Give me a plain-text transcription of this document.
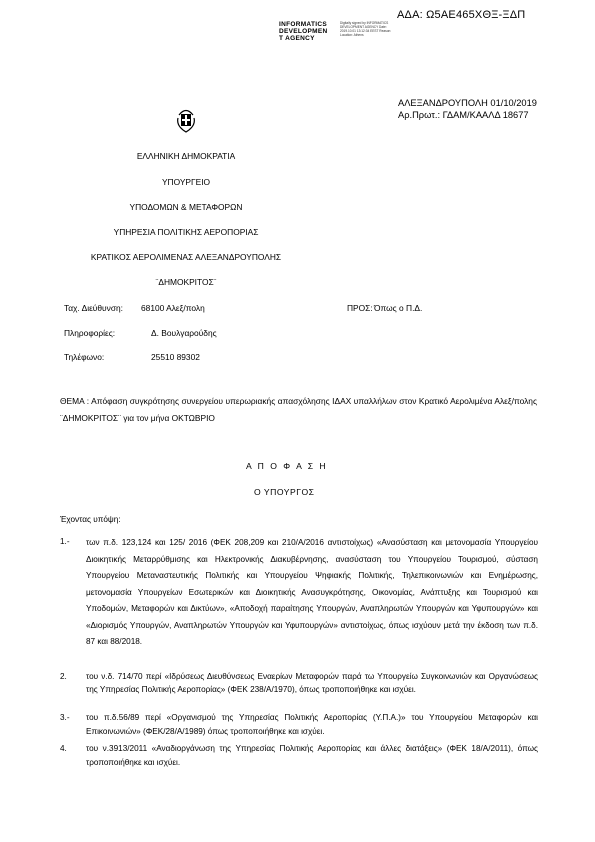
ΑΔΑ: Ω5ΑΕ465ΧΘΞ-ΞΔΠ
INFORMATICS
DEVELOPMEN
T AGENCY
Digitally signed by INFORMATICS DEVELOPMENT AGENCY Date: 2019.10.01 13:12:34 EEST Reason: Location: Athens
ΑΛΕΞΑΝΔΡΟΥΠΟΛΗ 01/10/2019
Αρ.Πρωτ.: ΓΔΑΜ/ΚΑΑΛΔ 18677
ΕΛΛΗΝΙΚΗ ΔΗΜΟΚΡΑΤΙΑ
ΥΠΟΥΡΓΕΙΟ
ΥΠΟΔΟΜΩΝ & ΜΕΤΑΦΟΡΩΝ
ΥΠΗΡΕΣΙΑ ΠΟΛΙΤΙΚΗΣ ΑΕΡΟΠΟΡΙΑΣ
ΚΡΑΤΙΚΟΣ ΑΕΡΟΛΙΜΕΝΑΣ ΑΛΕΞΑΝΔΡΟΥΠΟΛΗΣ
¨ΔΗΜΟΚΡΙΤΟΣ¨
Ταχ. Διεύθυνση: 68100 Αλεξ/πολη	ΠΡΟΣ: Όπως ο Π.Δ.
Πληροφορίες:	Δ. Βουλγαρούδης
Τηλέφωνο:	25510 89302
ΘΕΜΑ : Απόφαση συγκρότησης συνεργείου υπερωριακής απασχόλησης ΙΔΑΧ υπαλλήλων στον Κρατικό Αερολιμένα Αλεξ/πολης ¨ΔΗΜΟΚΡΙΤΟΣ¨ για τον μήνα ΟΚΤΩΒΡΙΟ
Α Π Ο Φ Α Σ Η
Ο ΥΠΟΥΡΓΟΣ
Έχοντας υπόψη:
1.- των π.δ. 123,124 και 125/ 2016 (ΦΕΚ 208,209 και 210/Α/2016 αντιστοίχως) «Ανασύσταση και μετονομασία Υπουργείου Διοικητικής Μεταρρύθμισης και Ηλεκτρονικής Διακυβέρνησης, ανασύσταση του Υπουργείου Τουρισμού, σύσταση Υπουργείου Μεταναστευτικής Πολιτικής και Υπουργείου Ψηφιακής Πολιτικής, Τηλεπικοινωνιών και Ενημέρωσης, μετονομασία Υπουργείων Εσωτερικών και Διοικητικής Ανασυγκρότησης, Οικονομίας, Ανάπτυξης και Τουρισμού και Υποδομών, Μεταφορών και Δικτύων», «Αποδοχή παραίτησης Υπουργών, Αναπληρωτών Υπουργών και Υφυπουργών» και «Διορισμός Υπουργών, Αναπληρωτών Υπουργών και Υφυπουργών» αντιστοίχως, όπως ισχύουν μετά την έκδοση των π.δ. 87 και 88/2018.
2. του ν.δ. 714/70 περί «Ιδρύσεως Διευθύνσεως Εναερίων Μεταφορών παρά τω Υπουργείω Συγκοινωνιών και Οργανώσεως της Υπηρεσίας Πολιτικής Αεροπορίας» (ΦΕΚ 238/Α/1970), όπως τροποποιήθηκε και ισχύει.
3.- του π.δ.56/89 περί «Οργανισμού της Υπηρεσίας Πολιτικής Αεροπορίας (Υ.Π.Α.)» του Υπουργείου Μεταφορών και Επικοινωνιών» (ΦΕΚ/28/Α/1989) όπως τροποποιήθηκε και ισχύει.
4. του ν.3913/2011 «Αναδιοργάνωση της Υπηρεσίας Πολιτικής Αεροπορίας και άλλες διατάξεις» (ΦΕΚ 18/Α/2011), όπως τροποποιήθηκε και ισχύει.
